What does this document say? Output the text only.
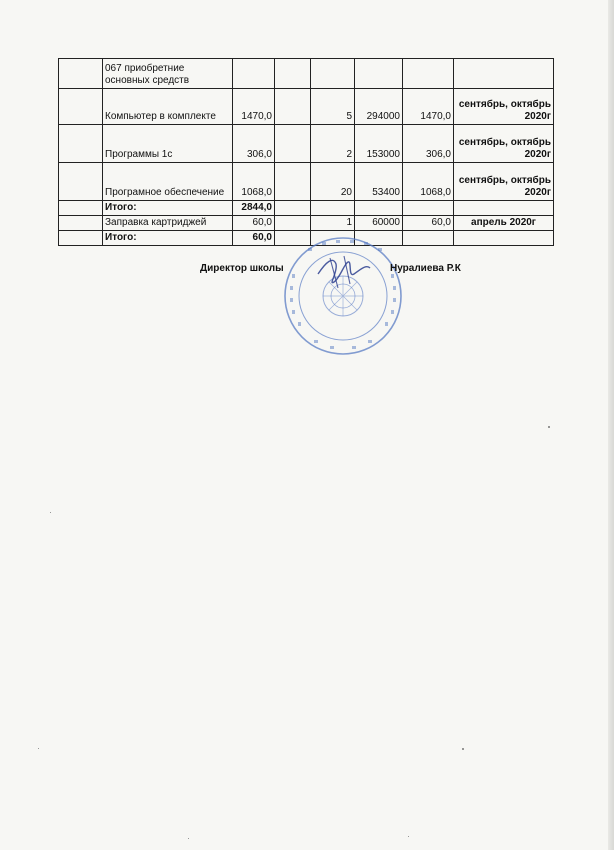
	067 приобретние основных средств						
	Компьютер в комплекте	1470,0		5	294000	1470,0	сентябрь, октябрь 2020г
	Программы 1с	306,0		2	153000	306,0	сентябрь, октябрь 2020г
	Програмное обеспечение	1068,0		20	53400	1068,0	сентябрь, октябрь 2020г
	Итого:	2844,0					
	Заправка картриджей	60,0		1	60000	60,0	апрель 2020г
	Итого:	60,0					
Директор школы	Нуралиева Р.К
